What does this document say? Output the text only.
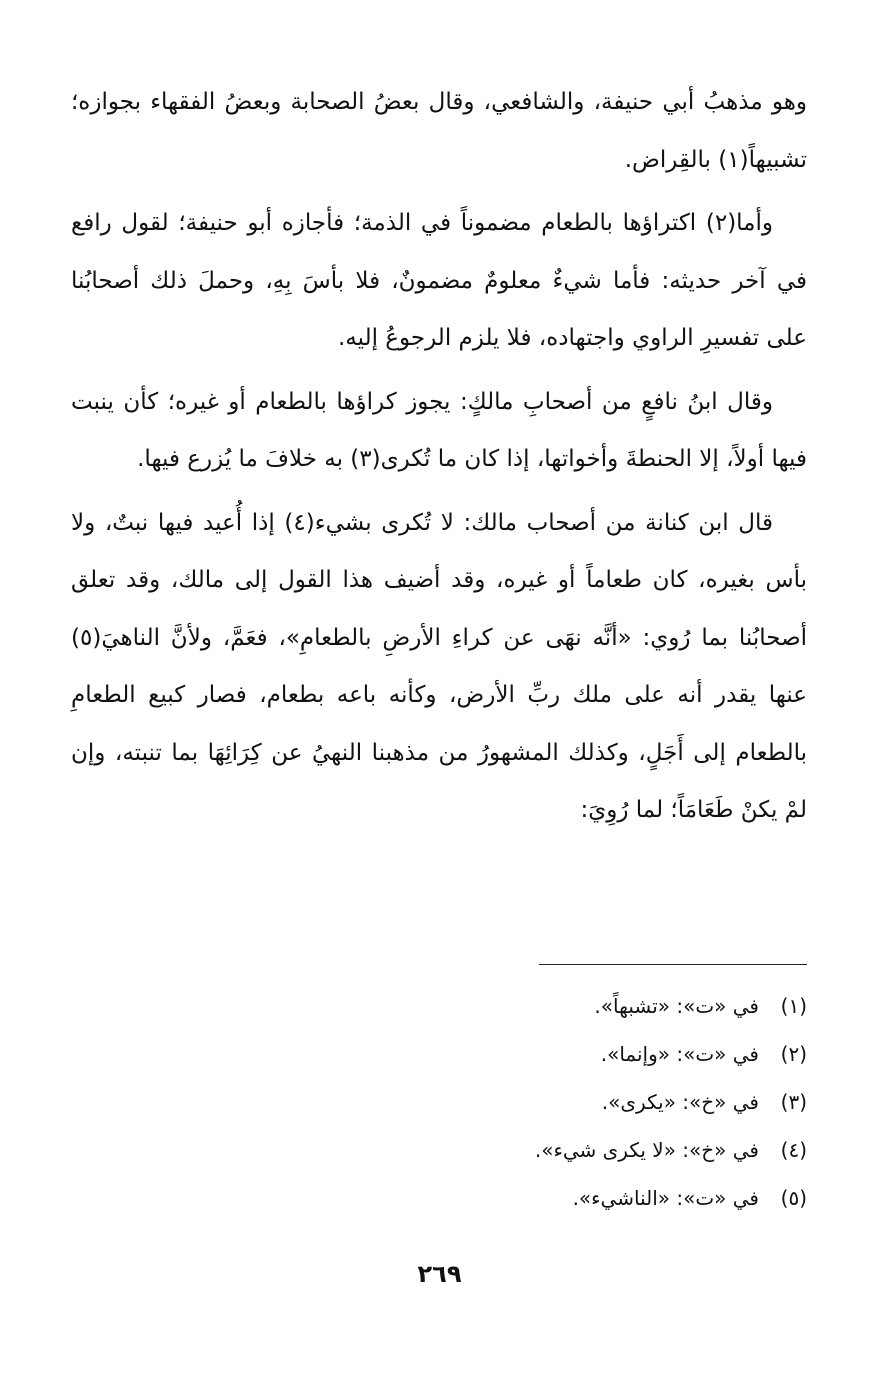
وهو مذهبُ أبي حنيفة، والشافعي، وقال بعضُ الصحابة وبعضُ الفقهاء بجوازه؛ تشبيهاً(١) بالقِراض.

وأما(٢) اكتراؤها بالطعام مضموناً في الذمة؛ فأجازه أبو حنيفة؛ لقول رافع في آخر حديثه: فأما شيءٌ معلومٌ مضمونٌ، فلا بأسَ بِهِ، وحملَ ذلك أصحابُنا على تفسيرِ الراوي واجتهاده، فلا يلزم الرجوعُ إليه.

وقال ابنُ نافعٍ من أصحابِ مالكٍ: يجوز كراؤها بالطعام أو غيره؛ كأن ينبت فيها أولاً، إلا الحنطةَ وأخواتها، إذا كان ما تُكرى(٣) به خلافَ ما يُزرع فيها.

قال ابن كنانة من أصحاب مالك: لا تُكرى بشيء(٤) إذا أُعيد فيها نبتٌ، ولا بأس بغيره، كان طعاماً أو غيره، وقد أضيف هذا القول إلى مالك، وقد تعلق أصحابُنا بما رُوي: «أنَّه نهَى عن كراءِ الأرضِ بالطعامِ»، فعَمَّ، ولأنَّ الناهيَ(٥) عنها يقدر أنه على ملك ربِّ الأرض، وكأنه باعه بطعام، فصار كبيع الطعامِ بالطعام إلى أَجَلٍ، وكذلك المشهورُ من مذهبنا النهيُ عن كِرَائِهَا بما تنبته، وإن لمْ يكنْ طَعَامَاً؛ لما رُوِيَ:

(١)في «ت»: «تشبهاً».
(٢)في «ت»: «وإنما».
(٣)في «خ»: «يكرى».
(٤)في «خ»: «لا يكرى شيء».
(٥)في «ت»: «الناشيء».
٢٦٩
